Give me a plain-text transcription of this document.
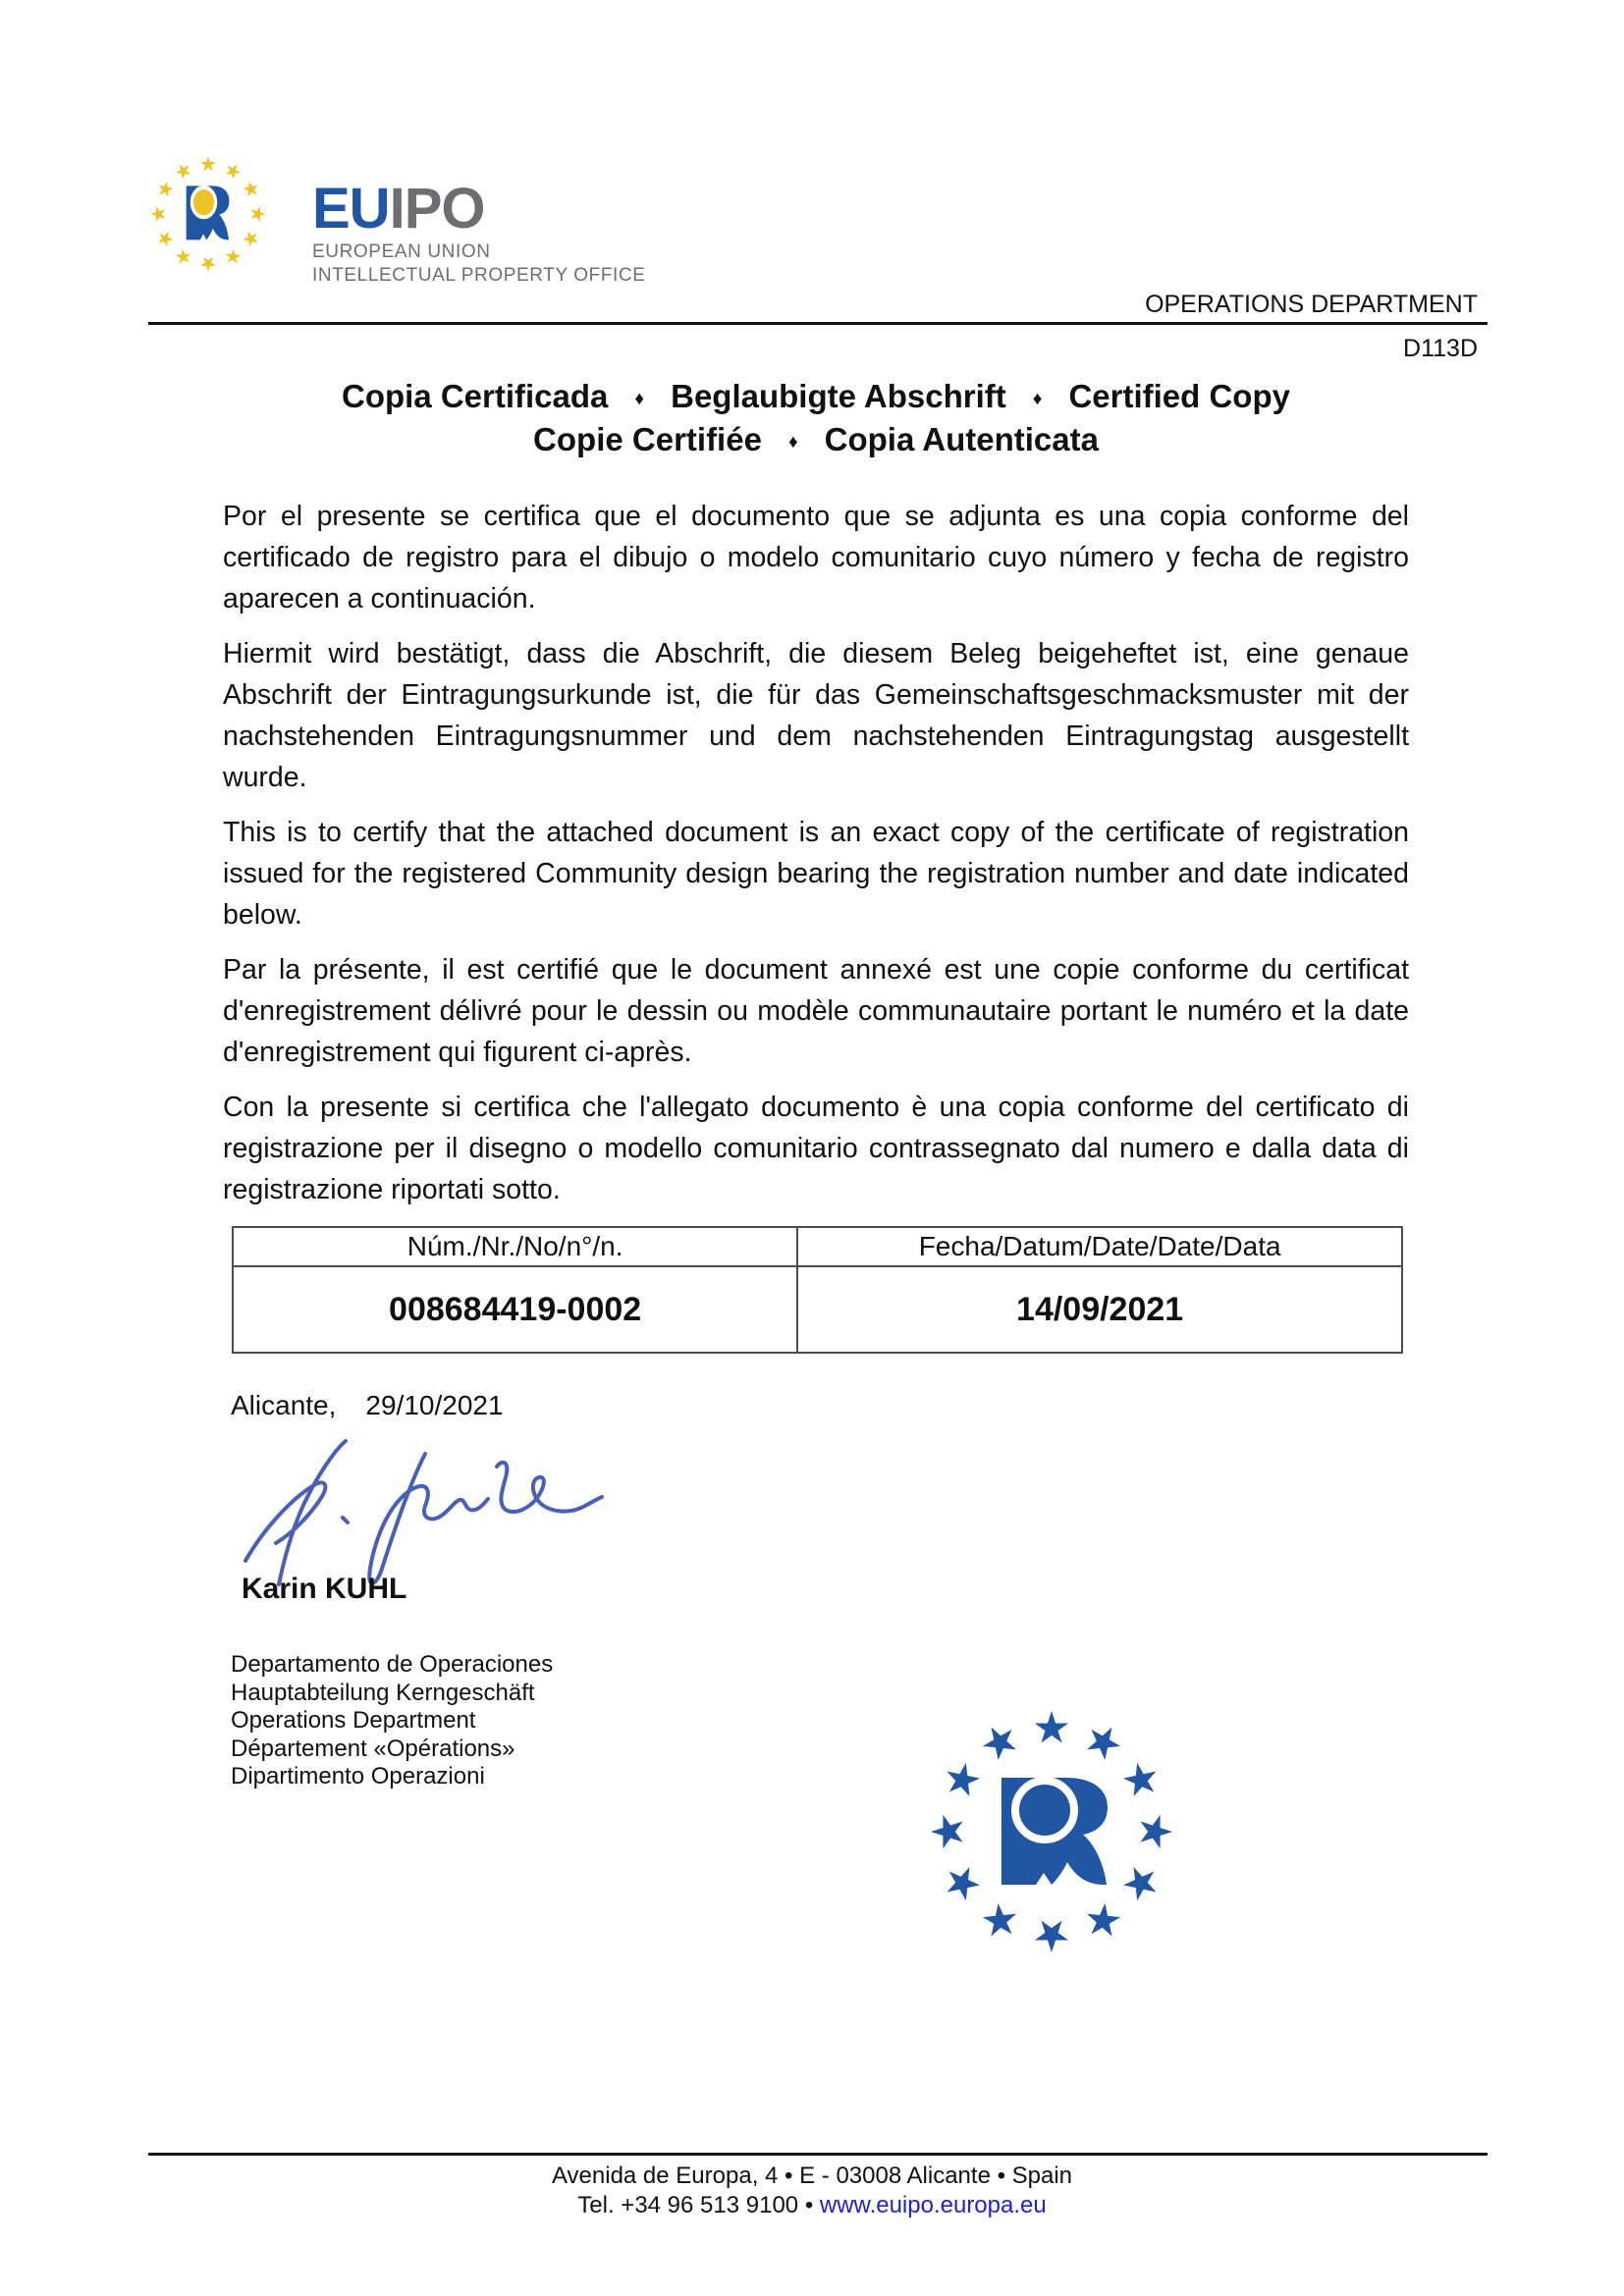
EUIPO
EUROPEAN UNION
INTELLECTUAL PROPERTY OFFICE
OPERATIONS DEPARTMENT
D113D
Copia Certificada ♦ Beglaubigte Abschrift ♦ Certified Copy
Copie Certifiée ♦ Copia Autenticata

Por el presente se certifica que el documento que se adjunta es una copia conforme del certificado de registro para el dibujo o modelo comunitario cuyo número y fecha de registro aparecen a continuación.

Hiermit wird bestätigt, dass die Abschrift, die diesem Beleg beigeheftet ist, eine genaue Abschrift der Eintragungsurkunde ist, die für das Gemeinschaftsgeschmacksmuster mit der nachstehenden Eintragungsnummer und dem nachstehenden Eintragungstag ausgestellt wurde.

This is to certify that the attached document is an exact copy of the certificate of registration issued for the registered Community design bearing the registration number and date indicated below.

Par la présente, il est certifié que le document annexé est une copie conforme du certificat d'enregistrement délivré pour le dessin ou modèle communautaire portant le numéro et la date d'enregistrement qui figurent ci-après.

Con la presente si certifica che l'allegato documento è una copia conforme del certificato di registrazione per il disegno o modello comunitario contrassegnato dal numero e dalla data di registrazione riportati sotto.

Núm./Nr./No/n°/n.	Fecha/Datum/Date/Date/Data
008684419-0002	14/09/2021
Alicante, 29/10/2021
Karin KUHL
Departamento de Operaciones
Hauptabteilung Kerngeschäft
Operations Department
Département «Opérations»
Dipartimento Operazioni
Avenida de Europa, 4 • E - 03008 Alicante • Spain
Tel. +34 96 513 9100 • www.euipo.europa.eu
